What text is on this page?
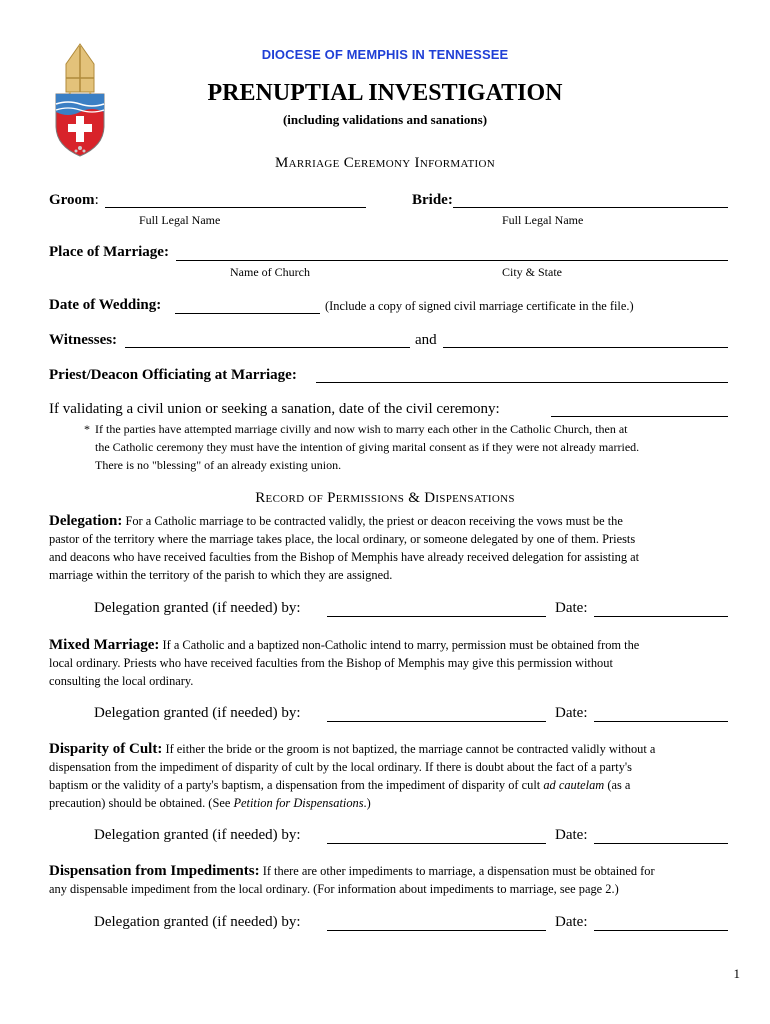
DIOCESE OF MEMPHIS IN TENNESSEE
PRENUPTIAL INVESTIGATION
(including validations and sanations)
Marriage Ceremony Information
Groom:	Bride:
Full Legal Name	Full Legal Name
Place of Marriage:
Name of Church	City & State
Date of Wedding:	(Include a copy of signed civil marriage certificate in the file.)
Witnesses:	and
Priest/Deacon Officiating at Marriage:
If validating a civil union or seeking a sanation, date of the civil ceremony:
* If the parties have attempted marriage civilly and now wish to marry each other in the Catholic Church, then at
the Catholic ceremony they must have the intention of giving marital consent as if they were not already married.
There is no "blessing" of an already existing union.
Record of Permissions & Dispensations
Delegation: For a Catholic marriage to be contracted validly, the priest or deacon receiving the vows must be the
pastor of the territory where the marriage takes place, the local ordinary, or someone delegated by one of them. Priests
and deacons who have received faculties from the Bishop of Memphis have already received delegation for assisting at
marriage within the territory of the parish to which they are assigned.
Delegation granted (if needed) by:	Date:
Mixed Marriage: If a Catholic and a baptized non-Catholic intend to marry, permission must be obtained from the
local ordinary. Priests who have received faculties from the Bishop of Memphis may give this permission without
consulting the local ordinary.
Delegation granted (if needed) by:	Date:
Disparity of Cult: If either the bride or the groom is not baptized, the marriage cannot be contracted validly without a
dispensation from the impediment of disparity of cult by the local ordinary. If there is doubt about the fact of a party's
baptism or the validity of a party's baptism, a dispensation from the impediment of disparity of cult ad cautelam (as a
precaution) should be obtained. (See Petition for Dispensations.)
Delegation granted (if needed) by:	Date:
Dispensation from Impediments: If there are other impediments to marriage, a dispensation must be obtained for
any dispensable impediment from the local ordinary. (For information about impediments to marriage, see page 2.)
Delegation granted (if needed) by:	Date:
1
